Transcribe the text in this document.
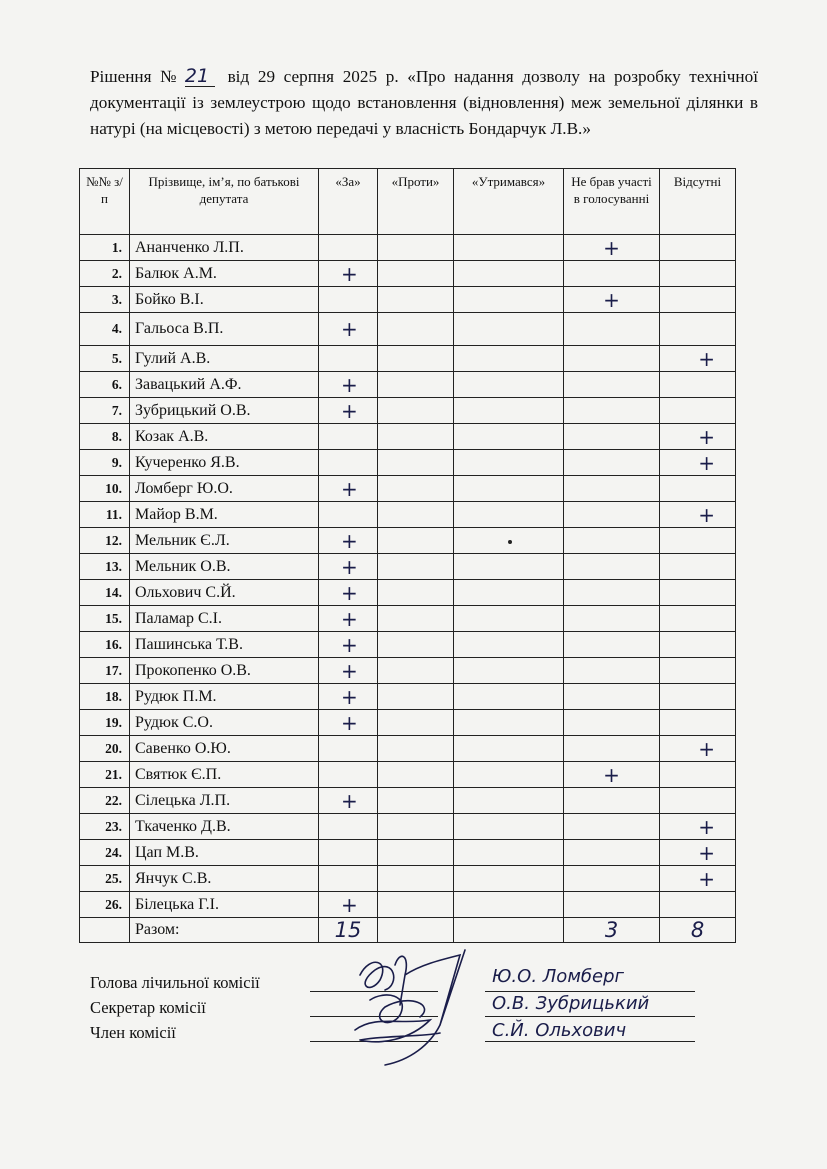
Рішення № 21 від 29 серпня 2025 р. «Про надання дозволу на розробку технічної документації із землеустрою щодо встановлення (відновлення) меж земельної ділянки в натурі (на місцевості) з метою передачі у власність Бондарчук Л.В.»
№№ з/п	Прізвище, ім’я, по батькові депутата	«За»	«Проти»	«Утримався»	Не брав участі в голосуванні	Відсутні
1.	Ананченко Л.П.				+	
2.	Балюк А.М.	+				
3.	Бойко В.І.				+	
4.	Гальоса В.П.	+				
5.	Гулий А.В.					+
6.	Завацький А.Ф.	+				
7.	Зубрицький О.В.	+				
8.	Козак А.В.					+
9.	Кучеренко Я.В.					+
10.	Ломберг Ю.О.	+				
11.	Майор В.М.					+
12.	Мельник Є.Л.	+				
13.	Мельник О.В.	+				
14.	Ольхович С.Й.	+				
15.	Паламар С.І.	+				
16.	Пашинська Т.В.	+				
17.	Прокопенко О.В.	+				
18.	Рудюк П.М.	+				
19.	Рудюк С.О.	+				
20.	Савенко О.Ю.					+
21.	Святюк Є.П.				+	
22.	Сілецька Л.П.	+				
23.	Ткаченко Д.В.					+
24.	Цап М.В.					+
25.	Янчук С.В.					+
26.	Білецька Г.І.	+				
	Разом:	15			3	8
Голова лічильної комісії
Секретар комісії
Член комісії
Ю.О. Ломберг
О.В. Зубрицький
С.Й. Ольхович
